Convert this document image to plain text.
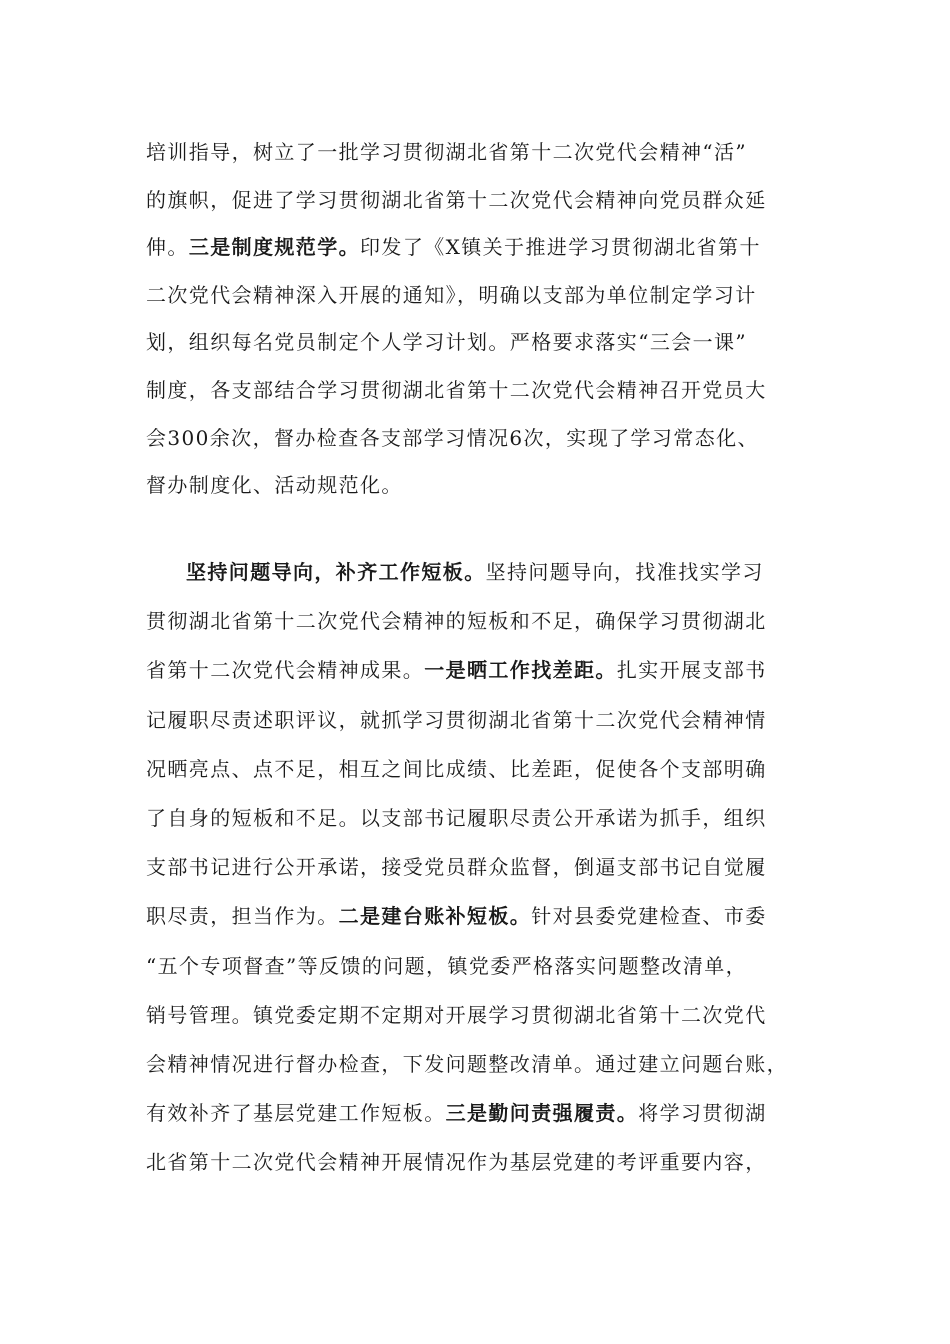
培训指导，树立了一批学习贯彻湖北省第十二次党代会精神“活”
的旗帜，促进了学习贯彻湖北省第十二次党代会精神向党员群众延
伸。三是制度规范学。印发了《X镇关于推进学习贯彻湖北省第十
二次党代会精神深入开展的通知》，明确以支部为单位制定学习计
划，组织每名党员制定个人学习计划。严格要求落实“三会一课”
制度，各支部结合学习贯彻湖北省第十二次党代会精神召开党员大
会300余次，督办检查各支部学习情况6次，实现了学习常态化、
督办制度化、活动规范化。
坚持问题导向，补齐工作短板。坚持问题导向，找准找实学习
贯彻湖北省第十二次党代会精神的短板和不足，确保学习贯彻湖北
省第十二次党代会精神成果。一是晒工作找差距。扎实开展支部书
记履职尽责述职评议，就抓学习贯彻湖北省第十二次党代会精神情
况晒亮点、点不足，相互之间比成绩、比差距，促使各个支部明确
了自身的短板和不足。以支部书记履职尽责公开承诺为抓手，组织
支部书记进行公开承诺，接受党员群众监督，倒逼支部书记自觉履
职尽责，担当作为。二是建台账补短板。针对县委党建检查、市委
“五个专项督查”等反馈的问题，镇党委严格落实问题整改清单，
销号管理。镇党委定期不定期对开展学习贯彻湖北省第十二次党代
会精神情况进行督办检查，下发问题整改清单。通过建立问题台账，
有效补齐了基层党建工作短板。三是勤问责强履责。将学习贯彻湖
北省第十二次党代会精神开展情况作为基层党建的考评重要内容，
